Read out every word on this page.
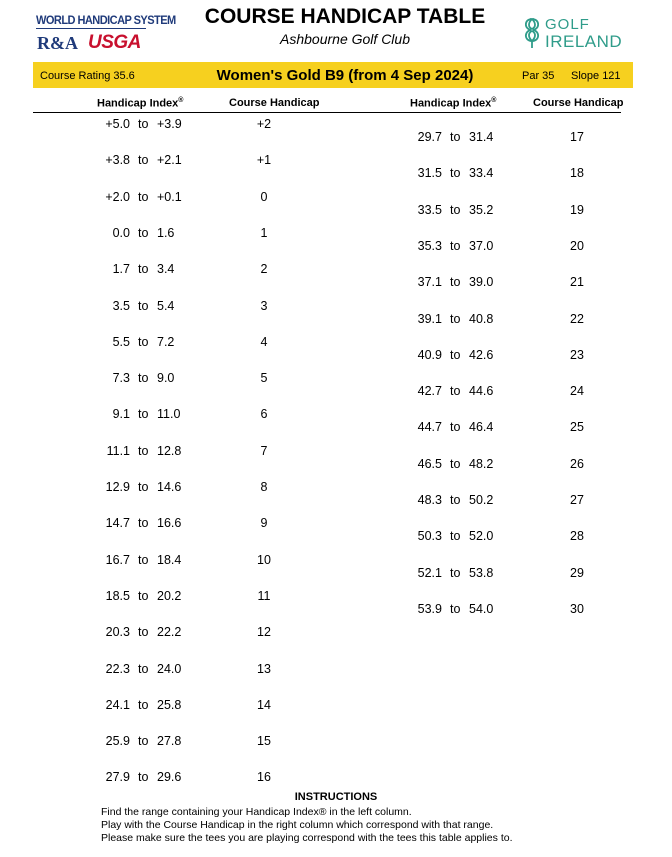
WORLD HANDICAP SYSTEM
R&A USGA
COURSE HANDICAP TABLE
Ashbourne Golf Club
GOLF
IRELAND
Course Rating 35.6	Women's Gold B9 (from 4 Sep 2024)	Par 35 Slope 121
Handicap Index®	Course Handicap	Handicap Index®	Course Handicap
+5.0 to +3.9	+2
+3.8 to +2.1	+1
+2.0 to +0.1	0
0.0 to 1.6	1
1.7 to 3.4	2
3.5 to 5.4	3
5.5 to 7.2	4
7.3 to 9.0	5
9.1 to 11.0	6
11.1 to 12.8	7
12.9 to 14.6	8
14.7 to 16.6	9
16.7 to 18.4	10
18.5 to 20.2	11
20.3 to 22.2	12
22.3 to 24.0	13
24.1 to 25.8	14
25.9 to 27.8	15
27.9 to 29.6	16
29.7 to 31.4	17
31.5 to 33.4	18
33.5 to 35.2	19
35.3 to 37.0	20
37.1 to 39.0	21
39.1 to 40.8	22
40.9 to 42.6	23
42.7 to 44.6	24
44.7 to 46.4	25
46.5 to 48.2	26
48.3 to 50.2	27
50.3 to 52.0	28
52.1 to 53.8	29
53.9 to 54.0	30
INSTRUCTIONS
Find the range containing your Handicap Index® in the left column.
Play with the Course Handicap in the right column which correspond with that range.
Please make sure the tees you are playing correspond with the tees this table applies to.
